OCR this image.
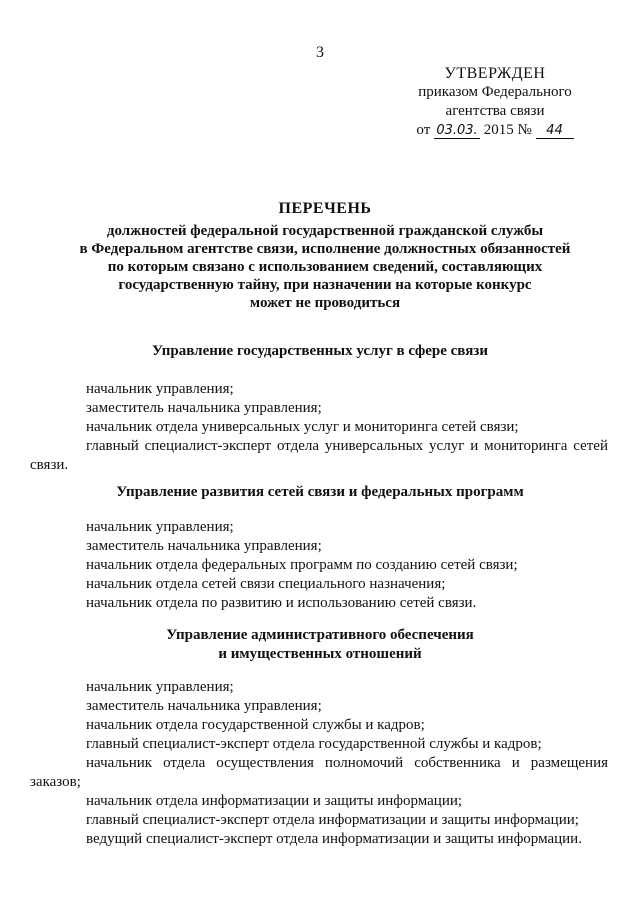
3
УТВЕРЖДЕН
приказом Федерального
агентства связи
от 03.03. 2015 № 44
ПЕРЕЧЕНЬ
должностей федеральной государственной гражданской службы
в Федеральном агентстве связи, исполнение должностных обязанностей
по которым связано с использованием сведений, составляющих
государственную тайну, при назначении на которые конкурс
может не проводиться
Управление государственных услуг в сфере связи
начальник управления;
заместитель начальника управления;
начальник отдела универсальных услуг и мониторинга сетей связи;
главный специалист-эксперт отдела универсальных услуг и мониторинга сетей связи.
Управление развития сетей связи и федеральных программ
начальник управления;
заместитель начальника управления;
начальник отдела федеральных программ по созданию сетей связи;
начальник отдела сетей связи специального назначения;
начальник отдела по развитию и использованию сетей связи.
Управление административного обеспечения
и имущественных отношений
начальник управления;
заместитель начальника управления;
начальник отдела государственной службы и кадров;
главный специалист-эксперт отдела государственной службы и кадров;
начальник отдела осуществления полномочий собственника и размещения заказов;
начальник отдела информатизации и защиты информации;
главный специалист-эксперт отдела информатизации и защиты информации;
ведущий специалист-эксперт отдела информатизации и защиты информации.
